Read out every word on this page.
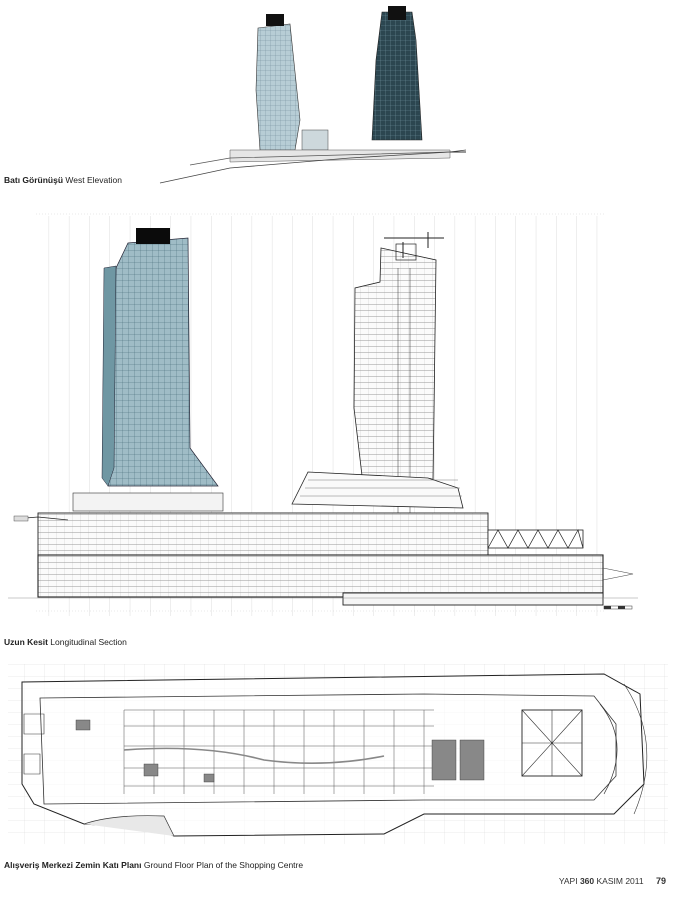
Batı Görünüşü West Elevation
Uzun Kesit Longitudinal Section
Alışveriş Merkezi Zemin Katı Planı Ground Floor Plan of the Shopping Centre
YAPI 360 KASIM 2011 79
